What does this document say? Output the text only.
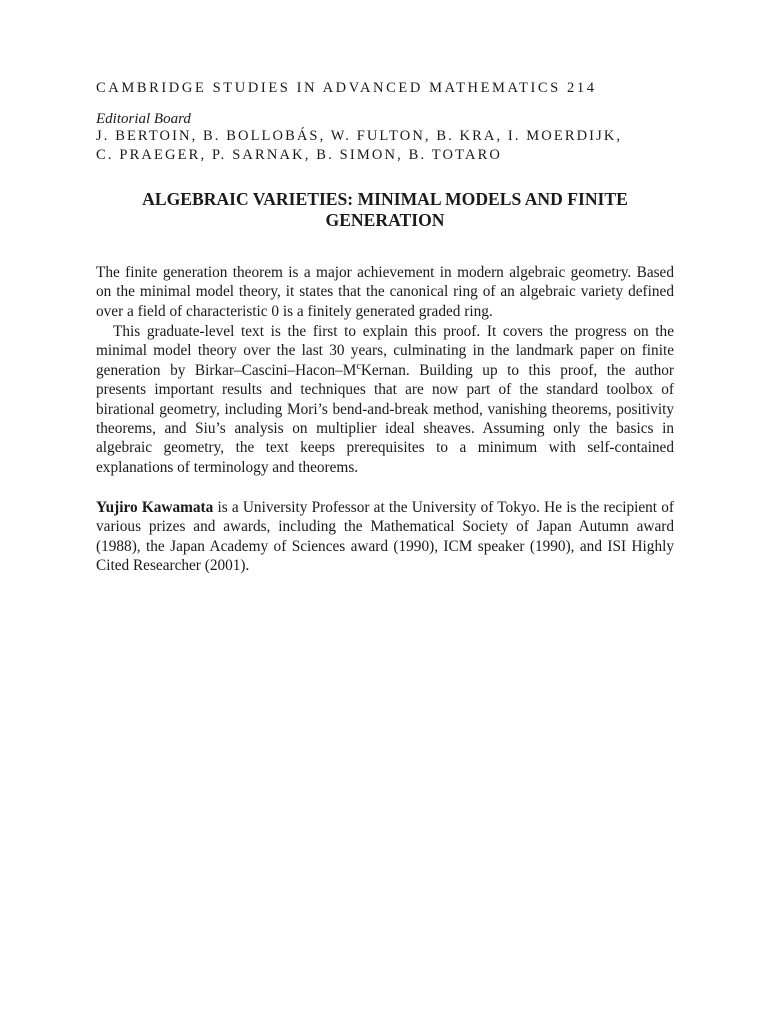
CAMBRIDGE STUDIES IN ADVANCED MATHEMATICS 214
Editorial Board
J. BERTOIN, B. BOLLOBÁS, W. FULTON, B. KRA, I. MOERDIJK,
C. PRAEGER, P. SARNAK, B. SIMON, B. TOTARO
ALGEBRAIC VARIETIES: MINIMAL MODELS AND FINITE GENERATION

The finite generation theorem is a major achievement in modern algebraic geometry. Based on the minimal model theory, it states that the canonical ring of an algebraic variety defined over a field of characteristic 0 is a finitely generated graded ring.

This graduate-level text is the first to explain this proof. It covers the progress on the minimal model theory over the last 30 years, culminating in the landmark paper on finite generation by Birkar–$Cascini-Hacon-M^cKernan$. Building up to this proof, the author presents important results and techniques that are now part of the standard toolbox of birational geometry, including Mori’s bend-and-break method, vanishing theorems, positivity theorems, and Siu’s analysis on multiplier ideal sheaves. Assuming only the basics in algebraic geometry, the text keeps prerequisites to a minimum with self-contained explanations of terminology and theorems.

Yujiro Kawamata is a University Professor at the University of Tokyo. He is the recipient of various prizes and awards, including the Mathematical Society of Japan Autumn award (1988), the Japan Academy of Sciences award (1990), ICM speaker (1990), and ISI Highly Cited Researcher (2001).
